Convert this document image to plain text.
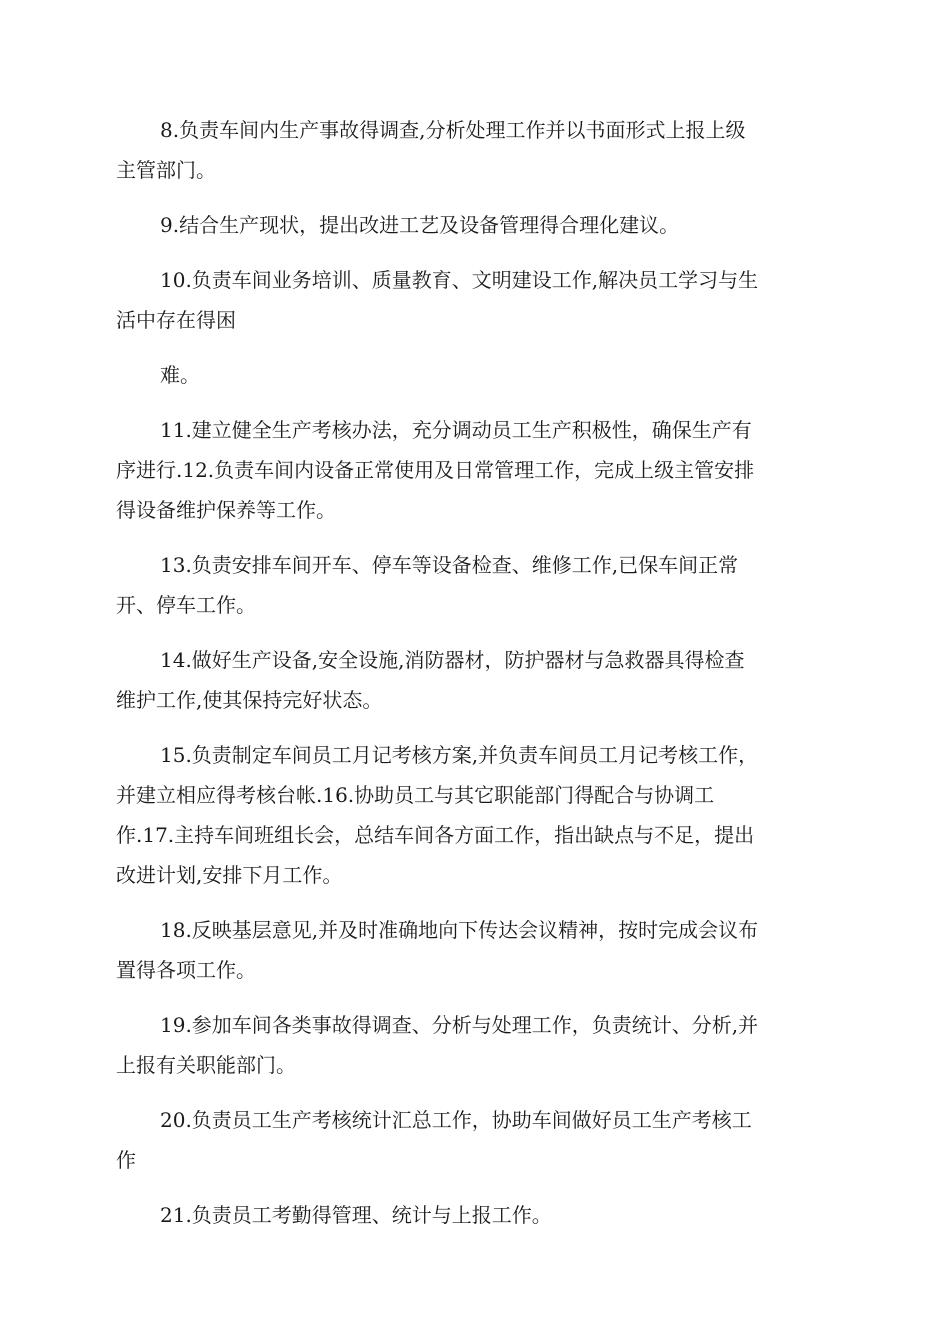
8.负责车间内生产事故得调查,分析处理工作并以书面形式上报上级
主管部门。
9.结合生产现状，提出改进工艺及设备管理得合理化建议。
10.负责车间业务培训、质量教育、文明建设工作,解决员工学习与生
活中存在得困
难。
11.建立健全生产考核办法，充分调动员工生产积极性，确保生产有
序进行.12.负责车间内设备正常使用及日常管理工作，完成上级主管安排
得设备维护保养等工作。
13.负责安排车间开车、停车等设备检查、维修工作,已保车间正常
开、停车工作。
14.做好生产设备,安全设施,消防器材，防护器材与急救器具得检查
维护工作,使其保持完好状态。
15.负责制定车间员工月记考核方案,并负责车间员工月记考核工作，
并建立相应得考核台帐.16.协助员工与其它职能部门得配合与协调工
作.17.主持车间班组长会，总结车间各方面工作，指出缺点与不足，提出
改进计划,安排下月工作。
18.反映基层意见,并及时准确地向下传达会议精神，按时完成会议布
置得各项工作。
19.参加车间各类事故得调查、分析与处理工作，负责统计、分析,并
上报有关职能部门。
20.负责员工生产考核统计汇总工作，协助车间做好员工生产考核工
作
21.负责员工考勤得管理、统计与上报工作。
